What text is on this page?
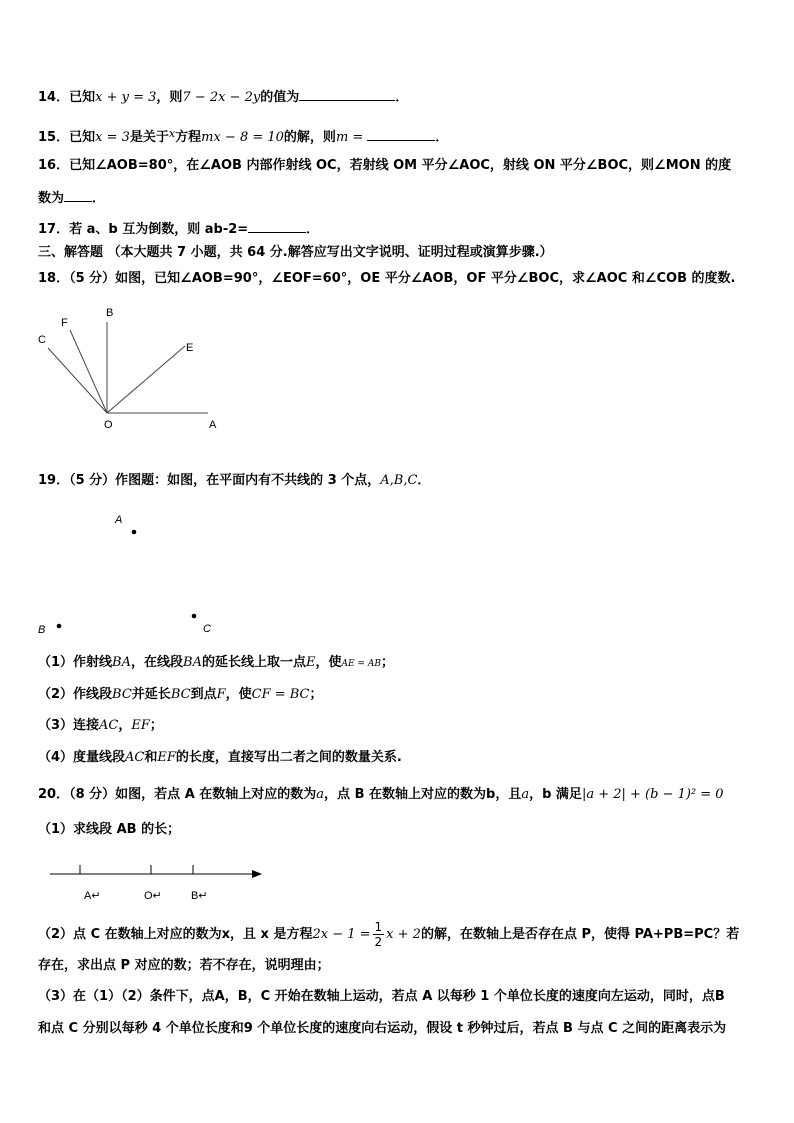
14．已知x + y = 3，则7 − 2x − 2y的值为	．
15．已知x = 3是关于$^x$方程mx − 8 = 10的解，则m =	．
16．已知∠AOB=80°，在∠AOB 内部作射线 OC，若射线 OM 平分∠AOC，射线 ON 平分∠BOC，则∠MON 的度
数为 ．
17．若 a、b 互为倒数，则 ab-2=	．
三、解答题 （本大题共 7 小题，共 64 分.解答应写出文字说明、证明过程或演算步骤.）
18．（5 分）如图，已知∠AOB=90°，∠EOF=60°，OE 平分∠AOB，OF 平分∠BOC，求∠AOC 和∠COB 的度数.
B
F
C
E
O	A
19．（5 分）作图题：如图，在平面内有不共线的 3 个点，A,B,C．
A
B	C
（1）作射线BA，在线段BA的延长线上取一点E，使AE = AB；
（2）作线段BC并延长BC到点F，使CF = BC；
（3）连接AC，EF；
（4）度量线段AC和EF的长度，直接写出二者之间的数量关系.
20．（8 分）如图，若点 A 在数轴上对应的数为a，点 B 在数轴上对应的数为b，且a，b 满足|a + 2| + (b − 1)² = 0
（1）求线段 AB 的长；
A↵	O↵	B↵
（2）点 C 在数轴上对应的数为x，且 x 是方程$2x - 1 = \frac{1}{2}$ x + 2的解，在数轴上是否存在点 P，使得 PA+PB=PC？若
存在，求出点 P 对应的数；若不存在，说明理由；
（3）在（1）（2）条件下，点A，B，C 开始在数轴上运动，若点 A 以每秒 1 个单位长度的速度向左运动，同时，点B
和点 C 分别以每秒 4 个单位长度和9 个单位长度的速度向右运动，假设 t 秒钟过后，若点 B 与点 C 之间的距离表示为
